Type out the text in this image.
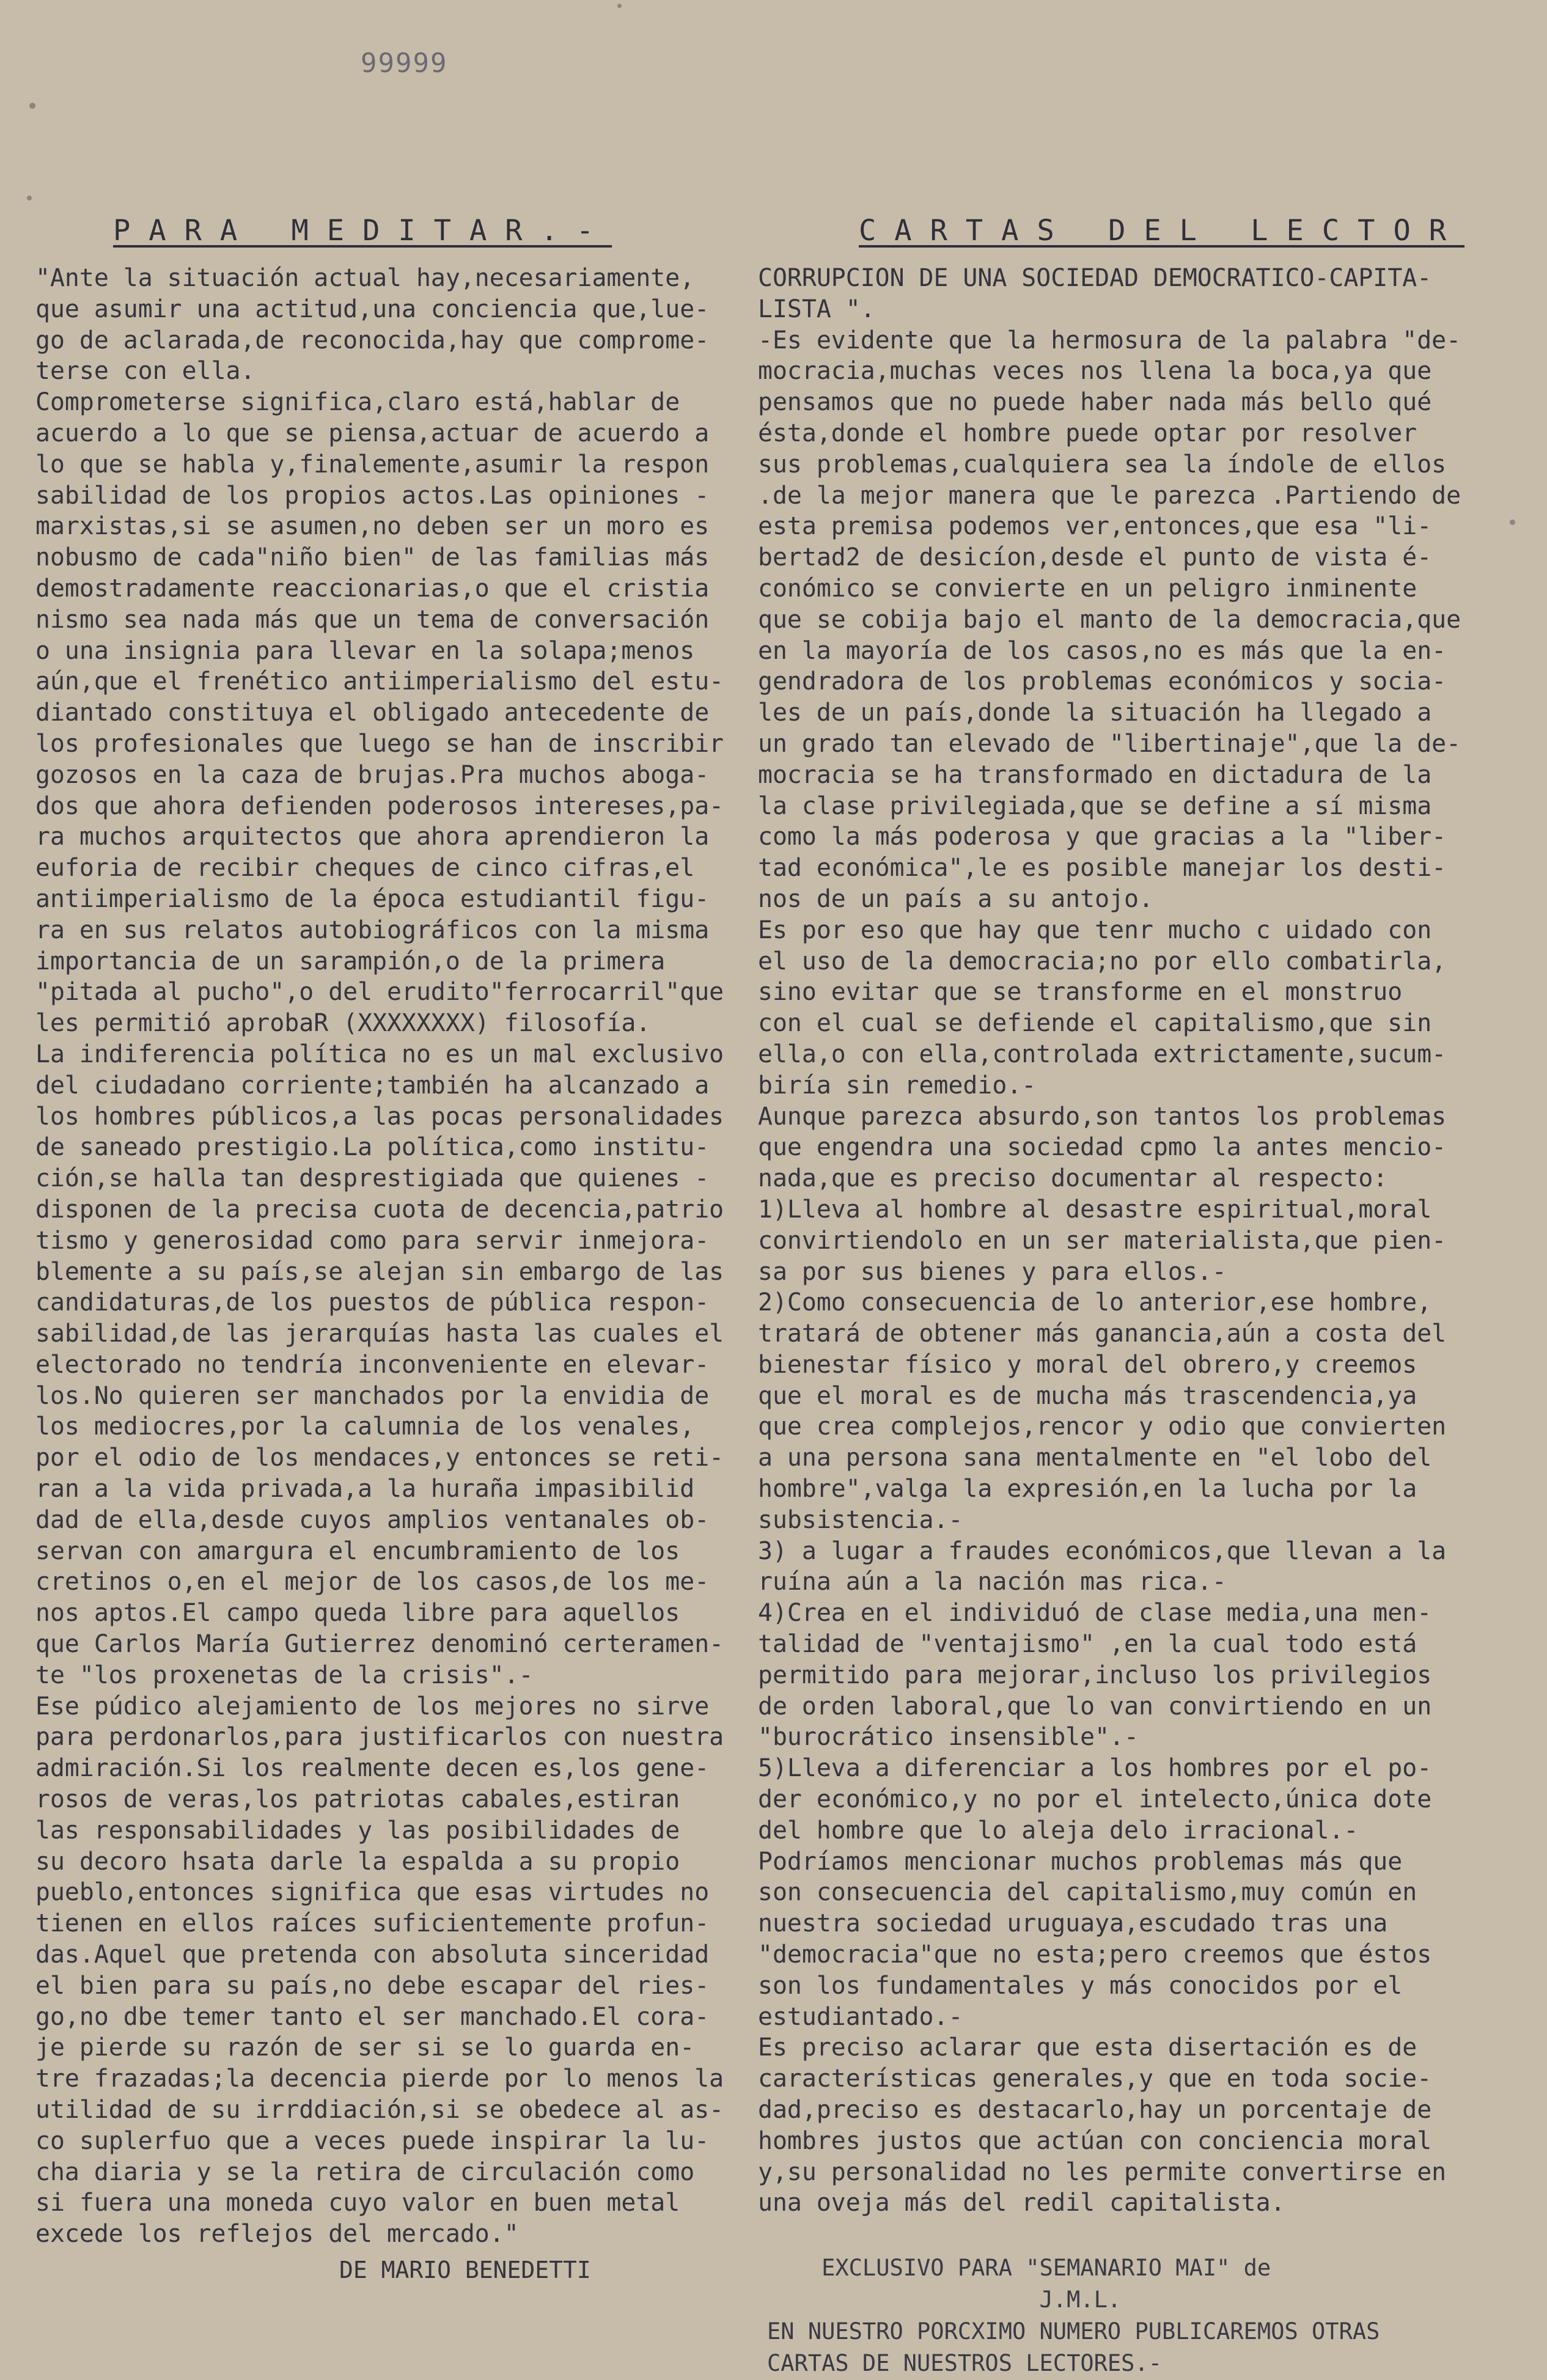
99999
PARA MEDITAR.-	CARTAS DEL LECTOR
"Ante la situación actual hay,necesariamente,
que asumir una actitud,una conciencia que,lue-
go de aclarada,de reconocida,hay que comprome-
terse con ella.
Comprometerse significa,claro está,hablar de
acuerdo a lo que se piensa,actuar de acuerdo a
lo que se habla y,finalemente,asumir la respon
sabilidad de los propios actos.Las opiniones -
marxistas,si se asumen,no deben ser un moro es
nobusmo de cada"niño bien" de las familias más
demostradamente reaccionarias,o que el cristia
nismo sea nada más que un tema de conversación
o una insignia para llevar en la solapa;menos
aún,que el frenético antiimperialismo del estu-
diantado constituya el obligado antecedente de
los profesionales que luego se han de inscribir
gozosos en la caza de brujas.Pra muchos aboga-
dos que ahora defienden poderosos intereses,pa-
ra muchos arquitectos que ahora aprendieron la
euforia de recibir cheques de cinco cifras,el
antiimperialismo de la época estudiantil figu-
ra en sus relatos autobiográficos con la misma
importancia de un sarampión,o de la primera
"pitada al pucho",o del erudito"ferrocarril"que
les permitió aprobaR (XXXXXXXX) filosofía.
La indiferencia política no es un mal exclusivo
del ciudadano corriente;también ha alcanzado a
los hombres públicos,a las pocas personalidades
de saneado prestigio.La política,como institu-
ción,se halla tan desprestigiada que quienes -
disponen de la precisa cuota de decencia,patrio
tismo y generosidad como para servir inmejora-
blemente a su país,se alejan sin embargo de las
candidaturas,de los puestos de pública respon-
sabilidad,de las jerarquías hasta las cuales el
electorado no tendría inconveniente en elevar-
los.No quieren ser manchados por la envidia de
los mediocres,por la calumnia de los venales,
por el odio de los mendaces,y entonces se reti-
ran a la vida privada,a la huraña impasibilid
dad de ella,desde cuyos amplios ventanales ob-
servan con amargura el encumbramiento de los
cretinos o,en el mejor de los casos,de los me-
nos aptos.El campo queda libre para aquellos
que Carlos María Gutierrez denominó certeramen-
te "los proxenetas de la crisis".-
Ese púdico alejamiento de los mejores no sirve
para perdonarlos,para justificarlos con nuestra
admiración.Si los realmente decen es,los gene-
rosos de veras,los patriotas cabales,estiran
las responsabilidades y las posibilidades de
su decoro hsata darle la espalda a su propio
pueblo,entonces significa que esas virtudes no
tienen en ellos raíces suficientemente profun-
das.Aquel que pretenda con absoluta sinceridad
el bien para su país,no debe escapar del ries-
go,no dbe temer tanto el ser manchado.El cora-
je pierde su razón de ser si se lo guarda en-
tre frazadas;la decencia pierde por lo menos la
utilidad de su irrddiación,si se obedece al as-
co suplerfuo que a veces puede inspirar la lu-
cha diaria y se la retira de circulación como
si fuera una moneda cuyo valor en buen metal
excede los reflejos del mercado."
CORRUPCION DE UNA SOCIEDAD DEMOCRATICO-CAPITA-
LISTA ".
-Es evidente que la hermosura de la palabra "de-
mocracia,muchas veces nos llena la boca,ya que
pensamos que no puede haber nada más bello qué
ésta,donde el hombre puede optar por resolver
sus problemas,cualquiera sea la índole de ellos
.de la mejor manera que le parezca .Partiendo de
esta premisa podemos ver,entonces,que esa "li-
bertad2 de desicíon,desde el punto de vista é-
conómico se convierte en un peligro inminente
que se cobija bajo el manto de la democracia,que
en la mayoría de los casos,no es más que la en-
gendradora de los problemas económicos y socia-
les de un país,donde la situación ha llegado a
un grado tan elevado de "libertinaje",que la de-
mocracia se ha transformado en dictadura de la
la clase privilegiada,que se define a sí misma
como la más poderosa y que gracias a la "liber-
tad económica",le es posible manejar los desti-
nos de un país a su antojo.
Es por eso que hay que tenr mucho c uidado con
el uso de la democracia;no por ello combatirla,
sino evitar que se transforme en el monstruo
con el cual se defiende el capitalismo,que sin
ella,o con ella,controlada extrictamente,sucum-
biría sin remedio.-
Aunque parezca absurdo,son tantos los problemas
que engendra una sociedad cpmo la antes mencio-
nada,que es preciso documentar al respecto:
1)Lleva al hombre al desastre espiritual,moral
convirtiendolo en un ser materialista,que pien-
sa por sus bienes y para ellos.-
2)Como consecuencia de lo anterior,ese hombre,
tratará de obtener más ganancia,aún a costa del
bienestar físico y moral del obrero,y creemos
que el moral es de mucha más trascendencia,ya
que crea complejos,rencor y odio que convierten
a una persona sana mentalmente en "el lobo del
hombre",valga la expresión,en la lucha por la
subsistencia.-
3) a lugar a fraudes económicos,que llevan a la
ruína aún a la nación mas rica.-
4)Crea en el individuó de clase media,una men-
talidad de "ventajismo" ,en la cual todo está
permitido para mejorar,incluso los privilegios
de orden laboral,que lo van convirtiendo en un
"burocrático insensible".-
5)Lleva a diferenciar a los hombres por el po-
der económico,y no por el intelecto,única dote
del hombre que lo aleja delo irracional.-
Podríamos mencionar muchos problemas más que
son consecuencia del capitalismo,muy común en
nuestra sociedad uruguaya,escudado tras una
"democracia"que no esta;pero creemos que éstos
son los fundamentales y más conocidos por el
estudiantado.-
Es preciso aclarar que esta disertación es de
características generales,y que en toda socie-
dad,preciso es destacarlo,hay un porcentaje de
hombres justos que actúan con conciencia moral
y,su personalidad no les permite convertirse en
una oveja más del redil capitalista.
DE MARIO BENEDETTI	EXCLUSIVO PARA "SEMANARIO MAI" de
J.M.L.
EN NUESTRO PORCXIMO NUMERO PUBLICAREMOS OTRAS
CARTAS DE NUESTROS LECTORES.-
